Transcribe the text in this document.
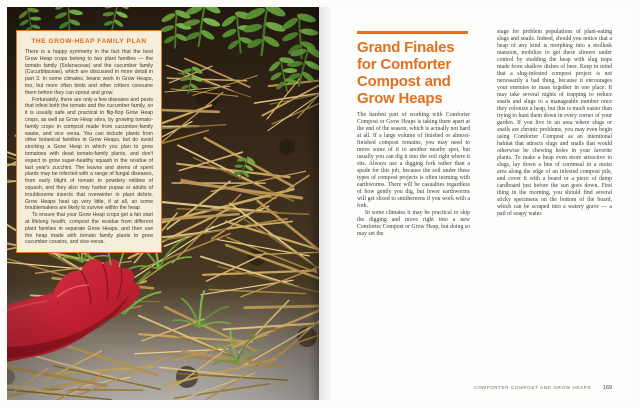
THE GROW-HEAP FAMILY PLAN

There is a happy symmetry in the fact that the best Grow Heap crops belong to two plant families — the tomato family (Solanaceae) and the cucumber family (Cucurbitaceae), which are discussed in more detail in part 3. In some climates, beans work in Grow Heaps, too, but more often birds and other critters consume them before they can sprout and grow.

Fortunately, there are only a few diseases and pests that infest both the tomato and the cucumber family, so it is usually safe and practical to flip-flop Grow Heap crops, as well as Grow Heap sites, by growing tomato-family crops in compost made from cucumber-family waste, and vice versa. You can include plants from other botanical families in Grow Heaps, but do avoid stocking a Grow Heap in which you plan to grow tomatoes with dead tomato-family plants, and don't expect to grow super-healthy squash in the residue of last year's zucchini. The leaves and stems of spent plants may be infected with a range of fungal diseases, from early blight of tomato to powdery mildew of squash, and they also may harbor pupae or adults of troublesome insects that overwinter in plant debris. Grow Heaps heat up very little, if at all, so some troublemakers are likely to survive within the heap.

To ensure that your Grow Heap crops get a fair start at lifelong health, compost the residue from different plant families in separate Grow Heaps, and then use the heap made with tomato family plants to grow cucumber cousins, and vice-versa.

Grand Finales
for Comforter
Compost and
Grow Heaps

The hardest part of working with Comforter Compost or Grow Heaps is taking them apart at the end of the season, which is actually not hard at all. If a large volume of finished or almost-finished compost remains, you may need to move some of it to another nearby spot, but usually you can dig it into the soil right where it sits. Always use a digging fork rather than a spade for this job, because the soil under these types of compost projects is often teeming with earthworms. There will be casualties regardless of how gently you dig, but fewer earthworms will get sliced to smithereens if you work with a fork.

In some climates it may be practical to skip the digging and move right into a new Comforter Compost or Grow Heap, but doing so may set the

stage for problem populations of plant-eating slugs and snails. Indeed, should you notice that a heap of any kind is morphing into a mollusk mansion, mobilize to get these slimers under control by studding the heap with slug traps made from shallow dishes of beer. Keep in mind that a slug-infested compost project is not necessarily a bad thing, because it encourages your enemies to mass together in one place. It may take several nights of trapping to reduce snails and slugs to a manageable number once they colonize a heap, but this is much easier than trying to hunt them down in every corner of your garden. If you live in an area where slugs or snails are chronic problems, you may even begin using Comforter Compost as an intentional habitat that attracts slugs and snails that would otherwise be chewing holes in your favorite plants. To make a heap even more attractive to slugs, lay down a line of cornmeal in a moist area along the edge of an infested compost pile, and cover it with a board or a piece of damp cardboard just before the sun goes down. First thing in the morning, you should find several sticky specimens on the bottom of the board, which can be scraped into a watery grave — a pail of soapy water.

COMFORTER COMPOST AND GROW HEAPS 169
